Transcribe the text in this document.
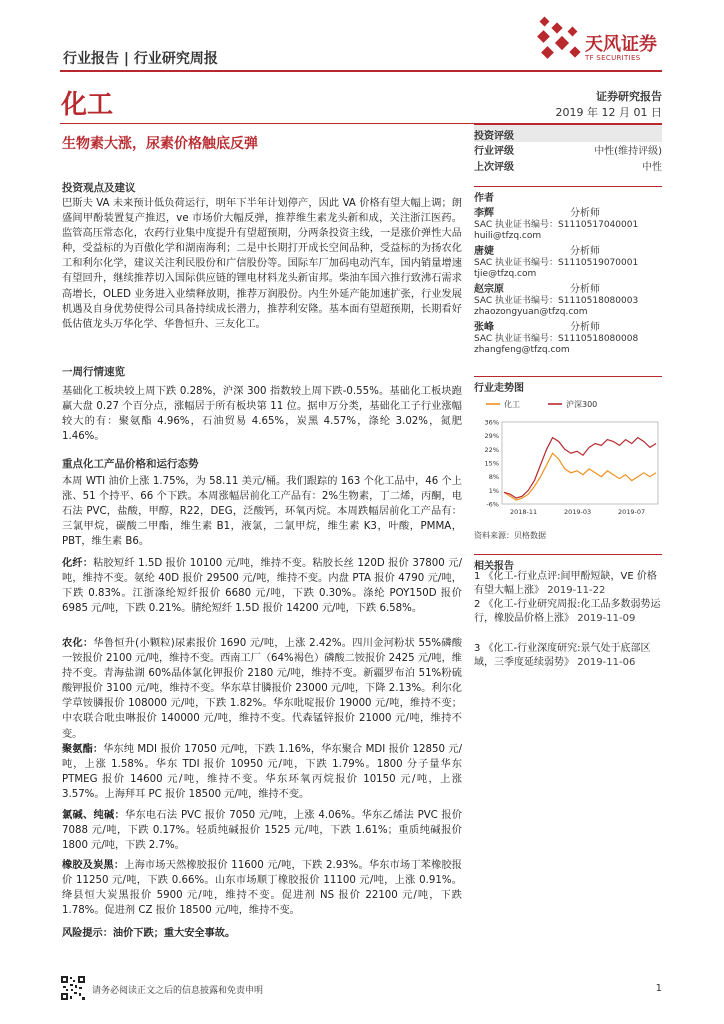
行业报告 | 行业研究周报
天风证券
TF SECURITIES
化工	证券研究报告
2019 年 12 月 01 日
生物素大涨，尿素价格触底反弹
投资观点及建议
巴斯夫 VA 未来预计低负荷运行，明年下半年计划停产，因此 VA 价格有望大幅上调；朗盛间甲酚装置复产推迟，ve 市场价大幅反弹，推荐维生素龙头新和成，关注浙江医药。监管高压常态化，农药行业集中度提升有望超预期，分两条投资主线，一是涨价弹性大品种，受益标的为百傲化学和湖南海利；二是中长期打开成长空间品种，受益标的为扬农化工和利尔化学，建议关注利民股份和广信股份等。国际车厂加码电动汽车，国内销量增速有望回升，继续推荐切入国际供应链的锂电材料龙头新宙邦。柴油车国六推行致沸石需求高增长，OLED 业务进入业绩释放期，推荐万润股份。内生外延产能加速扩张，行业发展机遇及自身优势使得公司具备持续成长潜力，推荐利安隆。基本面有望超预期，长期看好低估值龙头万华化学、华鲁恒升、三友化工。
一周行情速览
基础化工板块较上周下跌 0.28%，沪深 300 指数较上周下跌-0.55%。基础化工板块跑赢大盘 0.27 个百分点，涨幅居于所有板块第 11 位。据申万分类，基础化工子行业涨幅较大的有：聚氨酯 4.96%，石油贸易 4.65%，炭黑 4.57%，涤纶 3.02%，氮肥 1.46%。
重点化工产品价格和运行态势
本周 WTI 油价上涨 1.75%，为 58.11 美元/桶。我们跟踪的 163 个化工品中，46 个上涨、51 个持平、66 个下跌。本周涨幅居前化工产品有：2%生物素，丁二烯，丙酮，电石法 PVC，盐酸，甲醇，R22，DEG，泛酸钙，环氧丙烷。本周跌幅居前化工产品有：三氯甲烷，碳酸二甲酯，维生素 B1，液氯，二氯甲烷，维生素 K3，叶酸，PMMA，PBT，维生素 B6。
化纤：粘胶短纤 1.5D 报价 10100 元/吨，维持不变。粘胶长丝 120D 报价 37800 元/吨，维持不变。氨纶 40D 报价 29500 元/吨，维持不变。内盘 PTA 报价 4790 元/吨，下跌 0.83%。江浙涤纶短纤报价 6680 元/吨，下跌 0.30%。涤纶 POY150D 报价 6985 元/吨，下跌 0.21%。腈纶短纤 1.5D 报价 14200 元/吨，下跌 6.58%。
农化：华鲁恒升(小颗粒)尿素报价 1690 元/吨，上涨 2.42%。四川金河粉状 55%磷酸一铵报价 2100 元/吨，维持不变。西南工厂（64%褐色）磷酸二铵报价 2425 元/吨，维持不变。青海盐湖 60%晶体氯化钾报价 2180 元/吨，维持不变。新疆罗布泊 51%粉硫酸钾报价 3100 元/吨，维持不变。华东草甘膦报价 23000 元/吨，下降 2.13%。利尔化学草铵膦报价 108000 元/吨，下跌 1.82%。华东吡啶报价 19000 元/吨，维持不变；中农联合吡虫啉报价 140000 元/吨，维持不变。代森锰锌报价 21000 元/吨，维持不变。
聚氨酯：华东纯 MDI 报价 17050 元/吨，下跌 1.16%，华东聚合 MDI 报价 12850 元/吨，上涨 1.58%。华东 TDI 报价 10950 元/吨，下跌 1.79%。1800 分子量华东 PTMEG 报价 14600 元/吨，维持不变。华东环氧丙烷报价 10150 元/吨，上涨 3.57%。上海拜耳 PC 报价 18500 元/吨，维持不变。
氯碱、纯碱：华东电石法 PVC 报价 7050 元/吨，上涨 4.06%。华东乙烯法 PVC 报价 7088 元/吨，下跌 0.17%。轻质纯碱报价 1525 元/吨，下跌 1.61%；重质纯碱报价 1800 元/吨，下跌 2.7%。
橡胶及炭黑：上海市场天然橡胶报价 11600 元/吨，下跌 2.93%。华东市场丁苯橡胶报价 11250 元/吨，下跌 0.66%。山东市场顺丁橡胶报价 11100 元/吨，上涨 0.91%。绛县恒大炭黑报价 5900 元/吨，维持不变。促进剂 NS 报价 22100 元/吨，下跌 1.78%。促进剂 CZ 报价 18500 元/吨，维持不变。
风险提示：油价下跌；重大安全事故。
投资评级
行业评级	中性(维持评级)
上次评级	中性
作者
李辉	分析师
SAC 执业证书编号：S1110517040001
huili@tfzq.com
唐婕	分析师
SAC 执业证书编号：S1110519070001
tjie@tfzq.com
赵宗原	分析师
SAC 执业证书编号：S1110518080003
zhaozongyuan@tfzq.com
张峰	分析师
SAC 执业证书编号：S1110518080008
zhangfeng@tfzq.com
行业走势图
化工	沪深300
36%
29%
22%
15%
8%
1%
-6%
2018-11	2019-03	2019-07
资料来源：贝格数据
相关报告
1 《化工-行业点评:间甲酚短缺，VE 价格有望大幅上涨》 2019-11-22
2 《化工-行业研究周报:化工品多数弱势运行，橡胶品价格上涨》 2019-11-09
3 《化工-行业深度研究:景气处于底部区域，三季度延续弱势》 2019-11-06
请务必阅读正文之后的信息披露和免责申明	1
